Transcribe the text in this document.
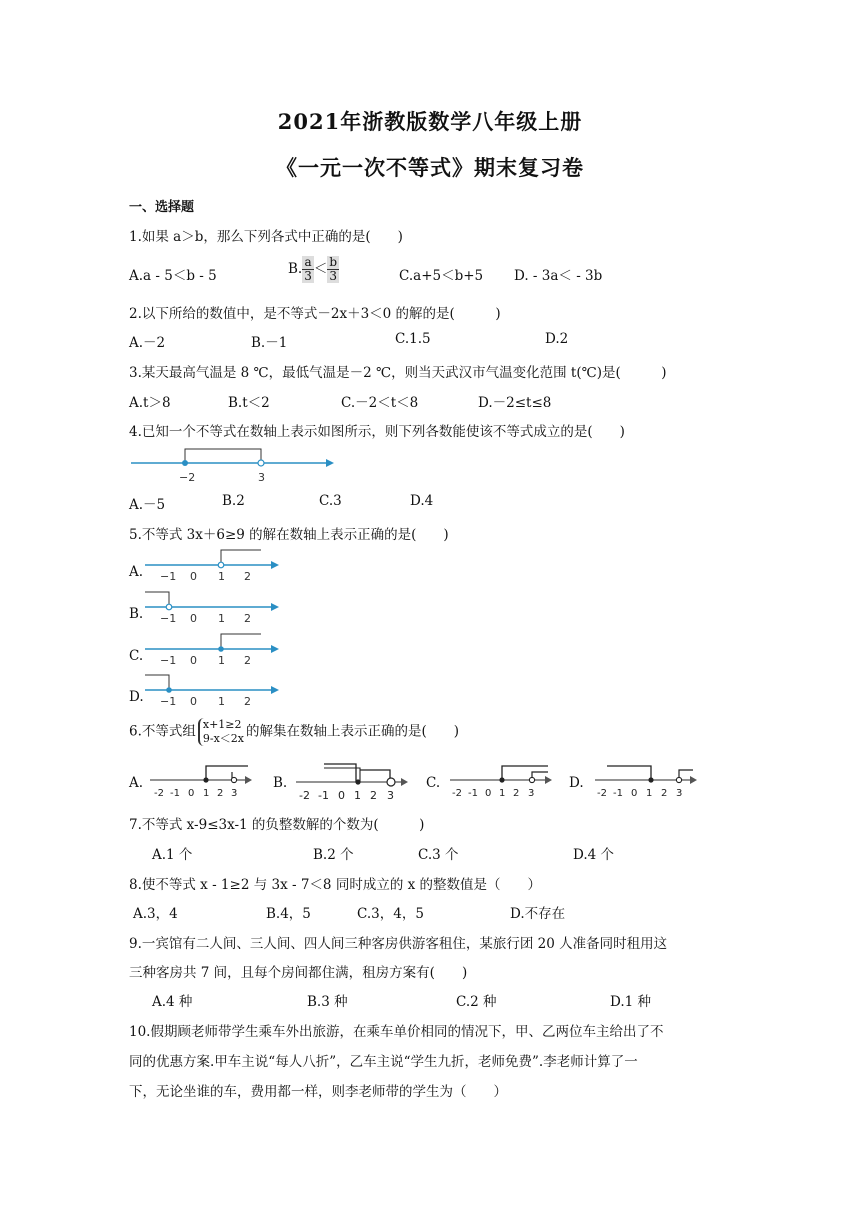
2021年浙教版数学八年级上册
《一元一次不等式》期末复习卷
一、选择题
1.如果 a＞b，那么下列各式中正确的是(　　)
A.a - 5＜b - 5	B. $\frac{a}{3} < \frac{b}{3}$	C.a+5＜b+5 D. - 3a＜ - 3b
2.以下所给的数值中，是不等式－2x＋3＜0 的解的是(　　　)
A.－2	B.－1	C.1.5	D.2
3.某天最高气温是 8 ℃，最低气温是－2 ℃，则当天武汉市气温变化范围 t(℃)是(　　　)
A.t＞8	B.t＜2	C.－2＜t＜8	D.－2≤t≤8
4.已知一个不等式在数轴上表示如图所示，则下列各数能使该不等式成立的是(　　)
−2	3
A.－5	B.2	C.3	D.4
5.不等式 3x＋6≥9 的解在数轴上表示正确的是(　　)
A. −1 0 1 2
B. −1 0 1 2
C. −1 0 1 2
D. −1 0 1 2
6.不等式组 x+1≥2
9-x＜2x 的解集在数轴上表示正确的是(　　)
A.
-2 -1 0 1 2 3
B.
-2 -1 0 1 2 3
C.
-2 -1 0 1 2 3
D.
-2 -1 0 1 2 3
7.不等式 x-9≤3x-1 的负整数解的个数为(　　　)
A.1 个	B.2 个	C.3 个	D.4 个
8.使不等式 x - 1≥2 与 3x - 7＜8 同时成立的 x 的整数值是（　　）
A.3，4	B.4，5	C.3，4，5	D.不存在
9.一宾馆有二人间、三人间、四人间三种客房供游客租住，某旅行团 20 人准备同时租用这
三种客房共 7 间，且每个房间都住满，租房方案有(　　)
A.4 种	B.3 种	C.2 种	D.1 种
10.假期顾老师带学生乘车外出旅游，在乘车单价相同的情况下，甲、乙两位车主给出了不
同的优惠方案.甲车主说“每人八折”，乙车主说“学生九折，老师免费”.李老师计算了一
下，无论坐谁的车，费用都一样，则李老师带的学生为（　　）
